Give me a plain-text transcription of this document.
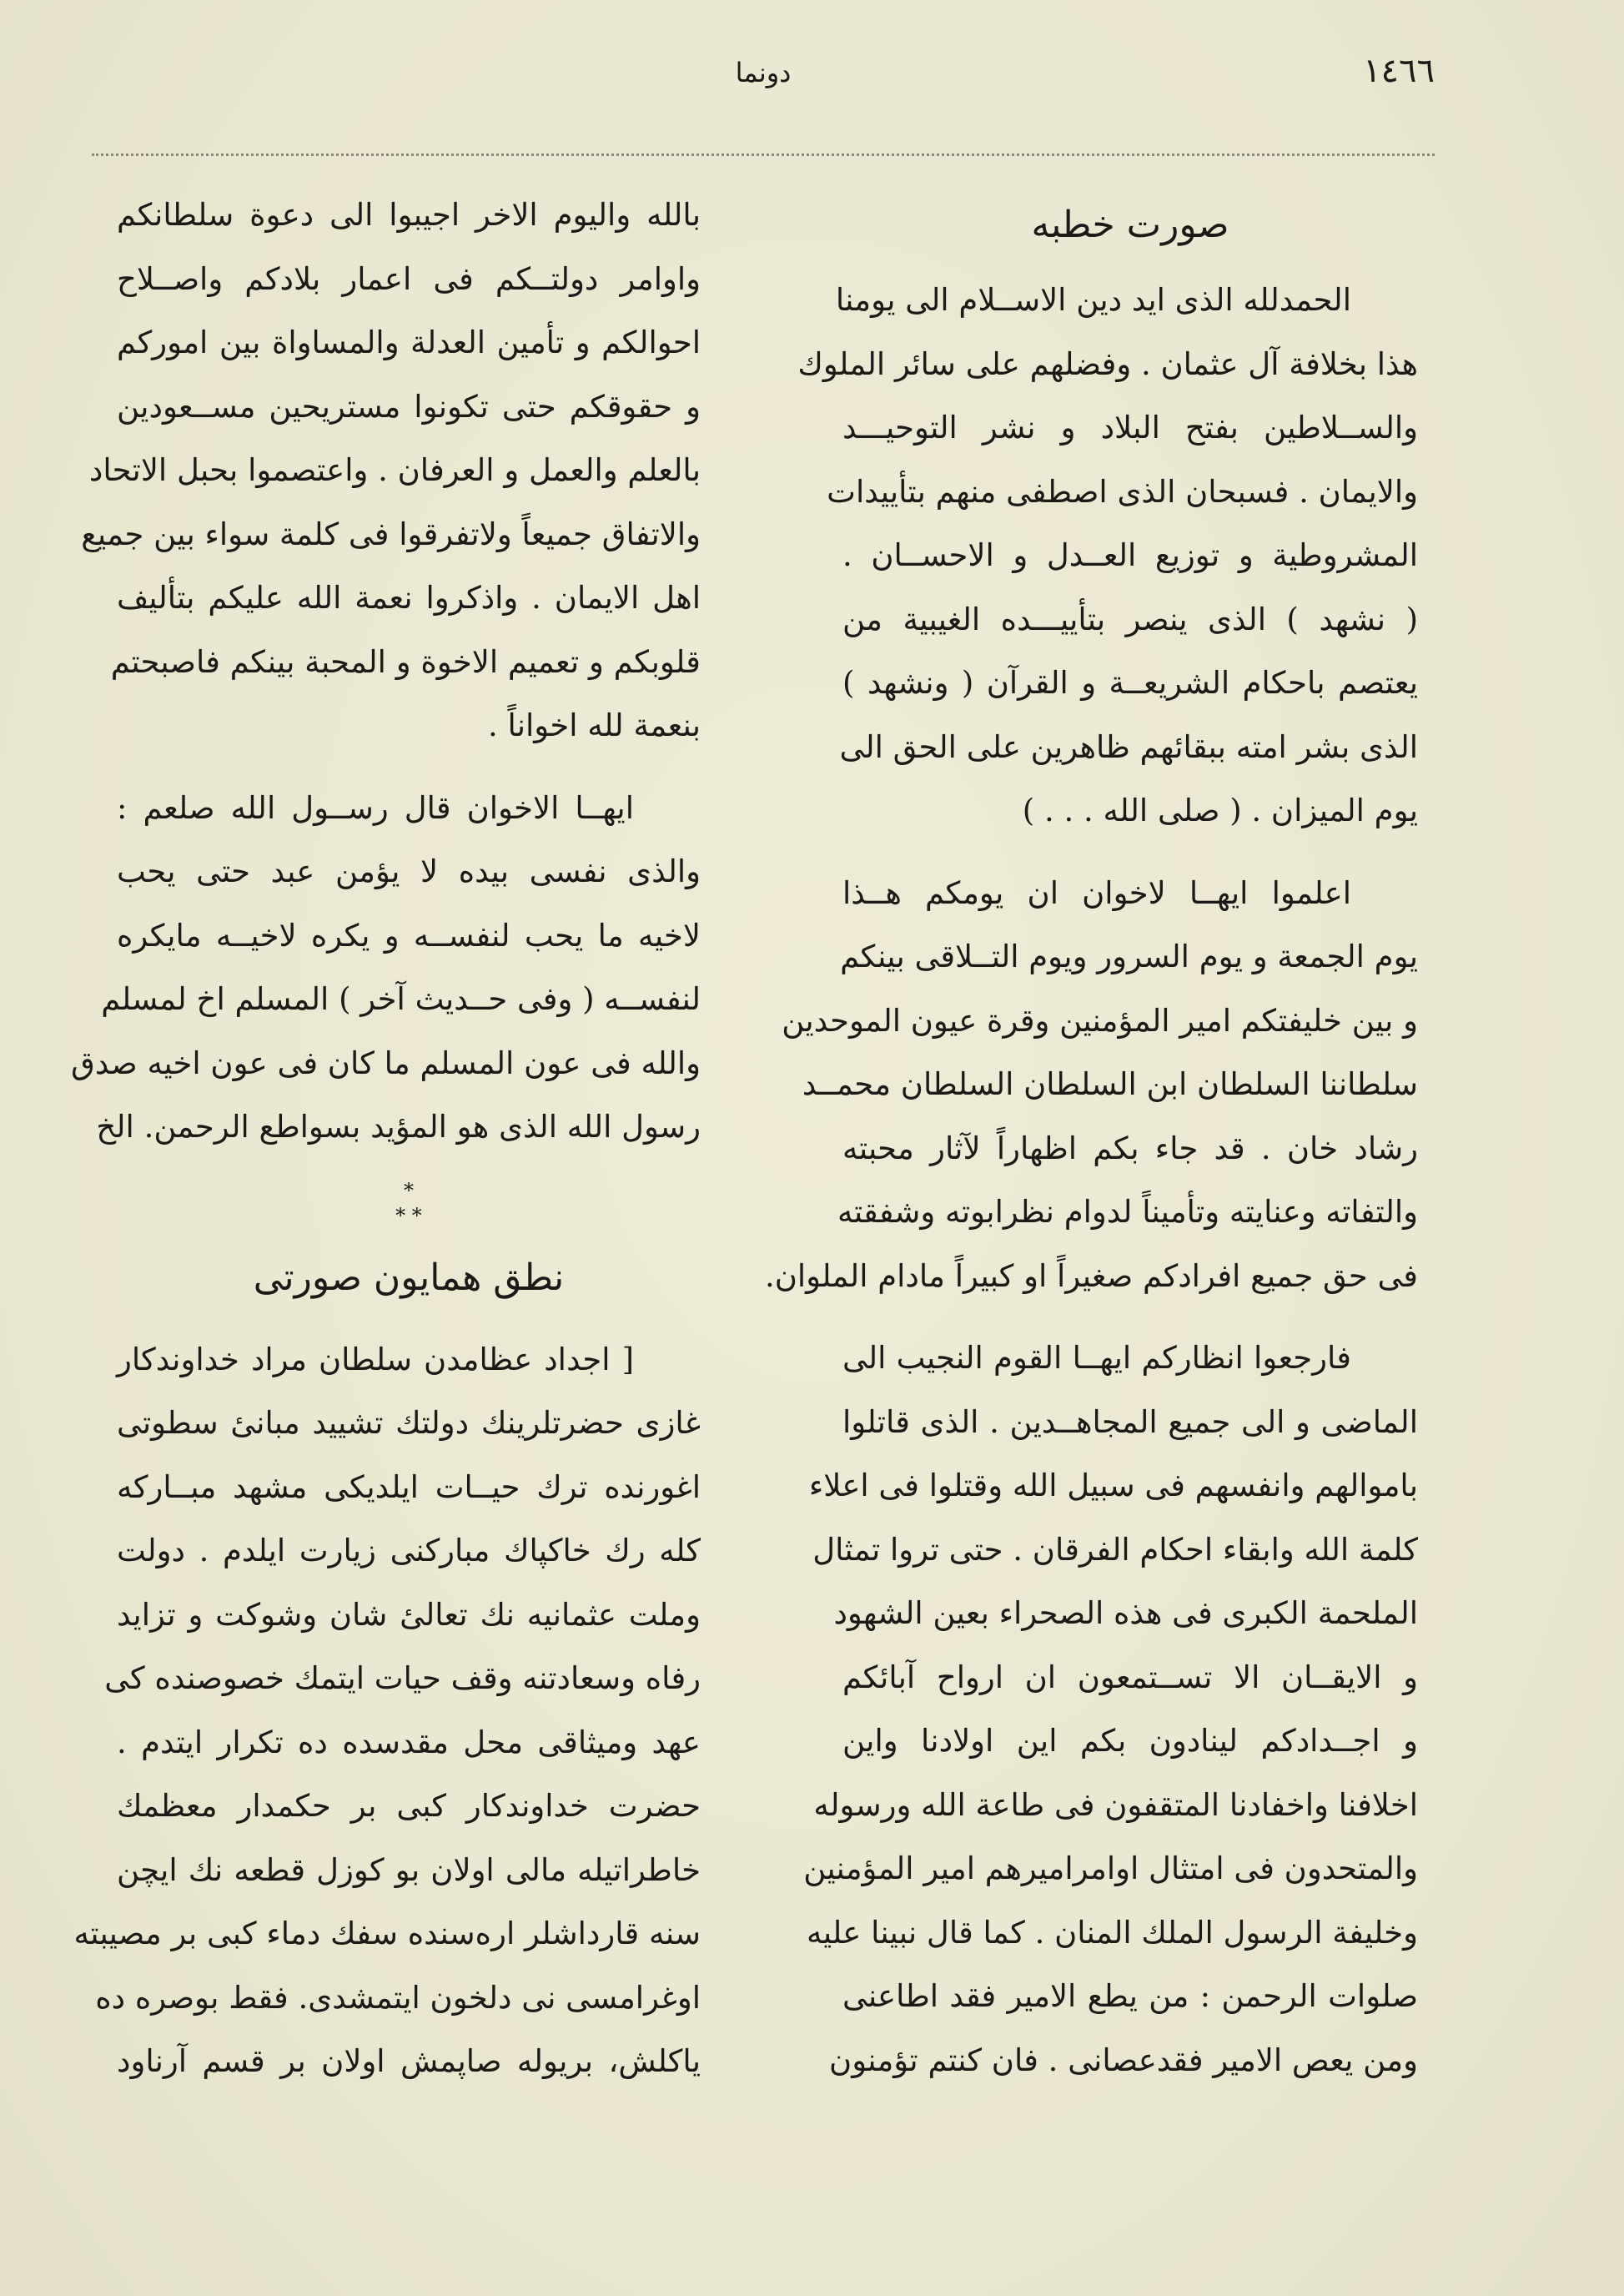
١٤٦٦
دونما
صورت خطبه
الحمدلله الذی اید دین الاســلام الی یومنا
هذا بخلافة آل عثمان . وفضلهم علی سائر الملوك
والســلاطین بفتح البلاد و نشر التوحیـــد
والایمان . فسبحان الذی اصطفی منهم بتأییدات
المشروطیة و توزیع العــدل و الاحســان .
( نشهد ) الذی ینصر بتأییـــده الغیبیة من
یعتصم باحکام الشریعــة و القرآن ( ونشهد )
الذی بشر امته ببقائهم ظاهرین علی الحق الی
یوم المیزان . ( صلی الله . . . )
اعلموا ایهــا لاخوان ان یومکم هــذا
یوم الجمعة و یوم السرور ویوم التــلاقی بینکم
و بین خلیفتکم امیر المؤمنین وقرة عیون الموحدین
سلطاننا السلطان ابن السلطان السلطان محمــد
رشاد خان . قد جاء بکم اظهاراً لآثار محبته
والتفاته وعنایته وتأمیناً لدوام نظرابوته وشفقته
فی حق جمیع افرادکم صغیراً او کبیراً مادام الملوان.
فارجعوا انظارکم ایهــا القوم النجیب الی
الماضی و الی جمیع المجاهــدین . الذی قاتلوا
باموالهم وانفسهم فی سبیل الله وقتلوا فی اعلاء
کلمة الله وابقاء احکام الفرقان . حتی تروا تمثال
الملحمة الکبری فی هذه الصحراء بعین الشهود
و الایقــان الا تســتمعون ان ارواح آبائکم
و اجــدادکم لینادون بکم این اولادنا واین
اخلافنا واخفادنا المتقفون فی طاعة الله ورسوله
والمتحدون فی امتثال اوامرامیرهم امیر المؤمنین
وخلیفة الرسول الملك المنان . کما قال نبینا علیه
صلوات الرحمن : من یطع الامیر فقد اطاعنی
ومن یعص الامیر فقدعصانی . فان کنتم تؤمنون
بالله والیوم الاخر اجیبوا الی دعوة سلطانکم
واوامر دولتــکم فی اعمار بلادکم واصــلاح
احوالکم و تأمین العدلة والمساواة بین امورکم
و حقوقکم حتی تکونوا مستریحین مســعودین
بالعلم والعمل و العرفان . واعتصموا بحبل الاتحاد
والاتفاق جمیعاً ولاتفرقوا فی کلمة سواء بین جمیع
اهل الایمان . واذکروا نعمة الله علیکم بتألیف
قلوبکم و تعمیم الاخوة و المحبة بینکم فاصبحتم
بنعمة لله اخواناً .
ایهــا الاخوان قال رســول الله صلعم :
والذی نفسی بیده لا یؤمن عبد حتی یحب
لاخیه ما یحب لنفســه و یکره لاخیــه مایکره
لنفســه ( وفی حــدیث آخر ) المسلم اخ لمسلم
والله فی عون المسلم ما کان فی عون اخیه صدق
رسول الله الذی هو المؤید بسواطع الرحمن. الخ
*
* *
نطق همایون صورتی
[ اجداد عظامدن سلطان مراد خداوندکار
غازی حضرتلرینك دولتك تشیید مبانیٔ سطوتی
اغورنده ترك حیــات ایلدیکی مشهد مبــارکه
کله رك خاکپاك مبارکنی زیارت ایلدم . دولت
وملت عثمانیه نك تعالیٔ شان وشوکت و تزاید
رفاه وسعادتنه وقف حیات ایتمك خصوصنده کی
عهد ومیثاقی محل مقدسده ده تکرار ایتدم .
حضرت خداوندکار کبی بر حکمدار معظمك
خاطراتیله مالی اولان بو کوزل قطعه نك ایچن
سنه قارداشلر ارەسنده سفك دماء کبی بر مصیبته
اوغرامسی نی دلخون ایتمشدی. فقط بوصره ده
یاکلش، بریوله صاپمش اولان بر قسم آرناود
